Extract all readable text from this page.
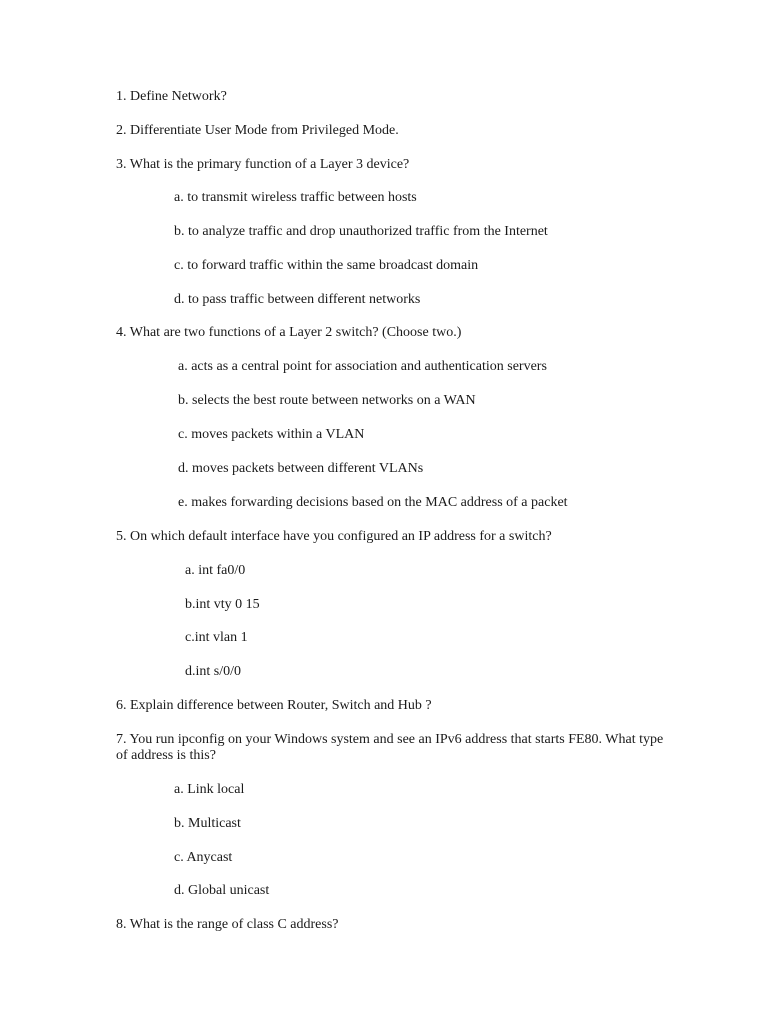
1. Define Network?
2. Differentiate User Mode from Privileged Mode.
3. What is the primary function of a Layer 3 device?
a. to transmit wireless traffic between hosts
b. to analyze traffic and drop unauthorized traffic from the Internet
c. to forward traffic within the same broadcast domain
d. to pass traffic between different networks
4. What are two functions of a Layer 2 switch? (Choose two.)
a. acts as a central point for association and authentication servers
b. selects the best route between networks on a WAN
c. moves packets within a VLAN
d. moves packets between different VLANs
e. makes forwarding decisions based on the MAC address of a packet
5. On which default interface have you configured an IP address for a switch?
a. int fa0/0
b.int vty 0 15
c.int vlan 1
d.int s/0/0
6. Explain difference between Router, Switch and Hub ?
7. You run ipconfig on your Windows system and see an IPv6 address that starts FE80. What type of address is this?
a. Link local
b. Multicast
c. Anycast
d. Global unicast
8. What is the range of class C address?
